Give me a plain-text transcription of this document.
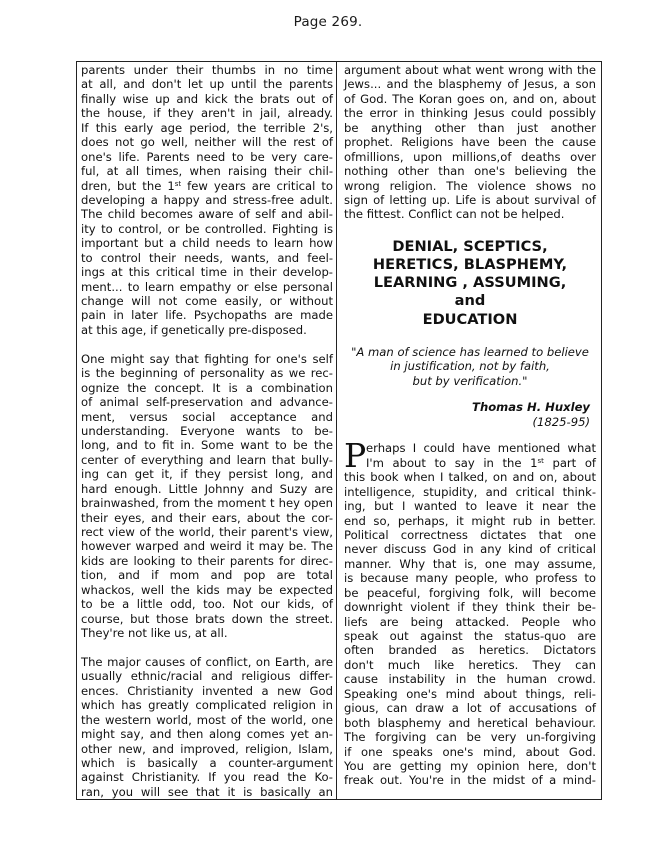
Page 269.
parents under their thumbs in no time
at all, and don't let up until the parents
finally wise up and kick the brats out of
the house, if they aren't in jail, already.
If this early age period, the terrible 2's,
does not go well, neither will the rest of
one's life. Parents need to be very care-
ful, at all times, when raising their chil-
dren, but the 1st few years are critical to
developing a happy and stress-free adult.
The child becomes aware of self and abil-
ity to control, or be controlled. Fighting is
important but a child needs to learn how
to control their needs, wants, and feel-
ings at this critical time in their develop-
ment... to learn empathy or else personal
change will not come easily, or without
pain in later life. Psychopaths are made
at this age, if genetically pre-disposed.
One might say that fighting for one's self
is the beginning of personality as we rec-
ognize the concept. It is a combination
of animal self-preservation and advance-
ment, versus social acceptance and
understanding. Everyone wants to be-
long, and to fit in. Some want to be the
center of everything and learn that bully-
ing can get it, if they persist long, and
hard enough. Little Johnny and Suzy are
brainwashed, from the moment t hey open
their eyes, and their ears, about the cor-
rect view of the world, their parent's view,
however warped and weird it may be. The
kids are looking to their parents for direc-
tion, and if mom and pop are total
whackos, well the kids may be expected
to be a little odd, too. Not our kids, of
course, but those brats down the street.
They're not like us, at all.
The major causes of conflict, on Earth, are
usually ethnic/racial and religious differ-
ences. Christianity invented a new God
which has greatly complicated religion in
the western world, most of the world, one
might say, and then along comes yet an-
other new, and improved, religion, Islam,
which is basically a counter-argument
against Christianity. If you read the Ko-
ran, you will see that it is basically an
argument about what went wrong with the
Jews... and the blasphemy of Jesus, a son
of God. The Koran goes on, and on, about
the error in thinking Jesus could possibly
be anything other than just another
prophet. Religions have been the cause
ofmillions, upon millions,of deaths over
nothing other than one's believing the
wrong religion. The violence shows no
sign of letting up. Life is about survival of
the fittest. Conflict can not be helped.
DENIAL, SCEPTICS,
HERETICS, BLASPHEMY,
LEARNING , ASSUMING,
and
EDUCATION
"A man of science has learned to believe
in justification, not by faith,
but by verification."
Thomas H. Huxley
(1825-95)
P erhaps I could have mentioned what
I'm about to say in the 1st part of
this book when I talked, on and on, about
intelligence, stupidity, and critical think-
ing, but I wanted to leave it near the
end so, perhaps, it might rub in better.
Political correctness dictates that one
never discuss God in any kind of critical
manner. Why that is, one may assume,
is because many people, who profess to
be peaceful, forgiving folk, will become
downright violent if they think their be-
liefs are being attacked. People who
speak out against the status-quo are
often branded as heretics. Dictators
don't much like heretics. They can
cause instability in the human crowd.
Speaking one's mind about things, reli-
gious, can draw a lot of accusations of
both blasphemy and heretical behaviour.
The forgiving can be very un-forgiving
if one speaks one's mind, about God.
You are getting my opinion here, don't
freak out. You're in the midst of a mind-
